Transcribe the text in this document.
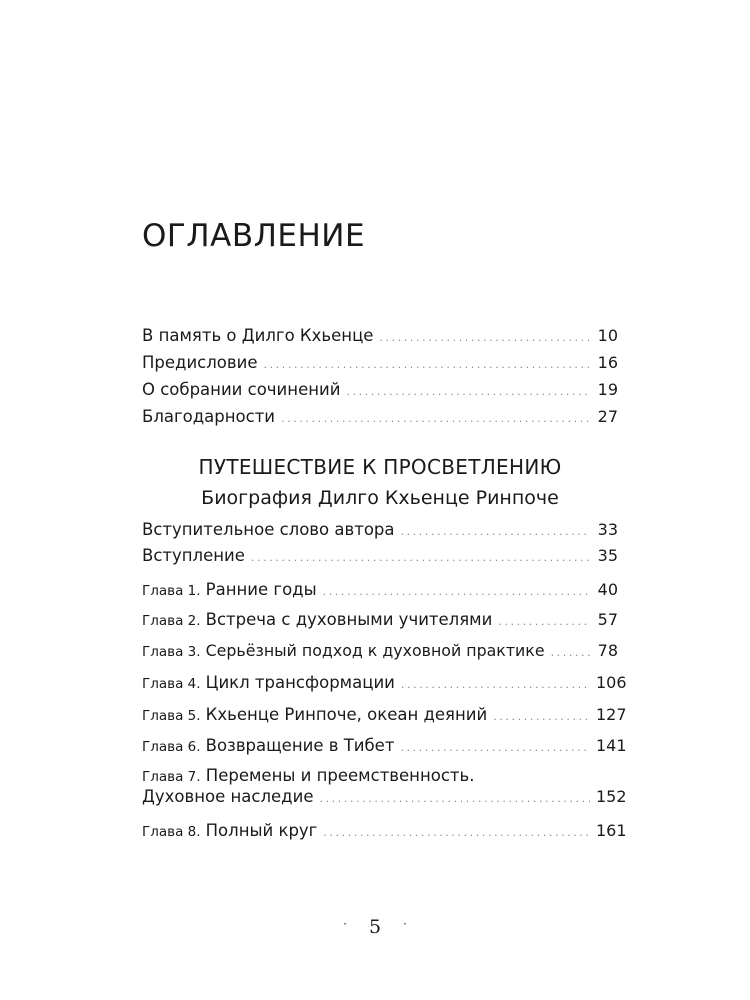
ОГЛАВЛЕНИЕ
В память о Дилго Кхьенце .....	10
Предисловие .....	16
О собрании сочинений .....	19
Благодарности .....	27
ПУТЕШЕСТВИЕ К ПРОСВЕТЛЕНИЮ
Биография Дилго Кхьенце Ринпоче
Вступительное слово автора .....	33
Вступление .....	35
Глава 1.
Ранние годы .....	40
Глава 2.
Встреча с духовными учителями .....	57
Глава 3.
Серьёзный подход к духовной практике .....	78
Глава 4.
Цикл трансформации .....	106
Глава 5.
Кхьенце Ринпоче, океан деяний .....	127
Глава 6.
Возвращение в Тибет .....	141
Глава 7. Перемены и преемственность.
Духовное наследие .....	152
Глава 8.
Полный круг .....	161
· 5 ·
